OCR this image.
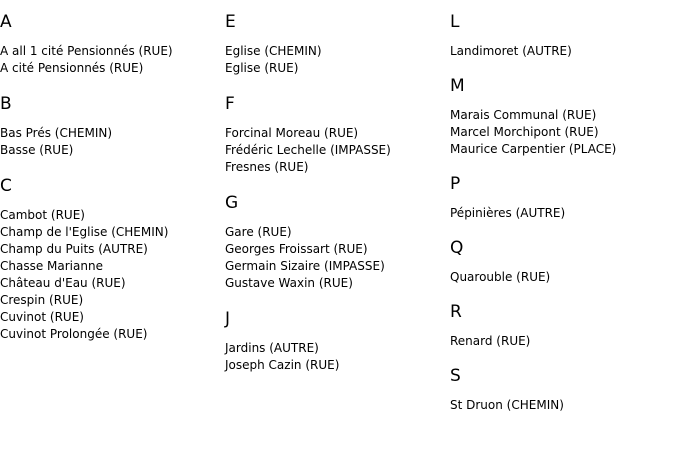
A
A all 1 cité Pensionnés (RUE)
A cité Pensionnés (RUE)
B
Bas Prés (CHEMIN)
Basse (RUE)
C
Cambot (RUE)
Champ de l'Eglise (CHEMIN)
Champ du Puits (AUTRE)
Chasse Marianne
Château d'Eau (RUE)
Crespin (RUE)
Cuvinot (RUE)
Cuvinot Prolongée (RUE)
E
Eglise (CHEMIN)
Eglise (RUE)
F
Forcinal Moreau (RUE)
Frédéric Lechelle (IMPASSE)
Fresnes (RUE)
G
Gare (RUE)
Georges Froissart (RUE)
Germain Sizaire (IMPASSE)
Gustave Waxin (RUE)
J
Jardins (AUTRE)
Joseph Cazin (RUE)
L
Landimoret (AUTRE)
M
Marais Communal (RUE)
Marcel Morchipont (RUE)
Maurice Carpentier (PLACE)
P
Pépinières (AUTRE)
Q
Quarouble (RUE)
R
Renard (RUE)
S
St Druon (CHEMIN)
